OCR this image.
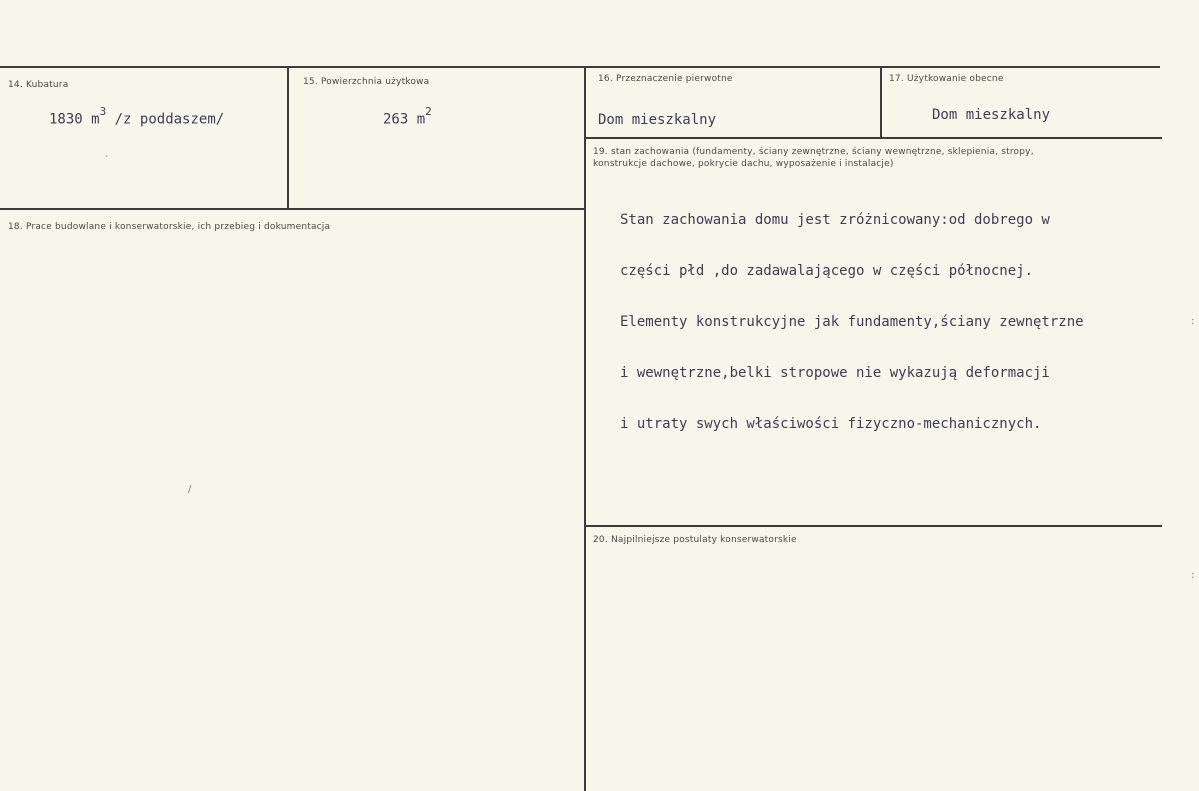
14. Kubatura
1830 $m^3$ /z poddaszem/
15. Powierzchnia użytkowa
263 $m^2$
16. Przeznaczenie pierwotne
Dom mieszkalny
17. Użytkowanie obecne
Dom mieszkalny
18. Prace budowlane i konserwatorskie, ich przebieg i dokumentacja
19. stan zachowania (fundamenty, ściany zewnętrzne, ściany wewnętrzne, sklepienia, stropy,
konstrukcje dachowe, pokrycie dachu, wyposażenie i instalacje)

Stan zachowania domu jest zróżnicowany:od dobrego w

części płd ,do zadawalającego w części północnej.

Elementy konstrukcyjne jak fundamenty,ściany zewnętrzne

i wewnętrzne,belki stropowe nie wykazują deformacji

i utraty swych właściwości fizyczno-mechanicznych.

20. Najpilniejsze postulaty konserwatorskie
/
·
:
:
